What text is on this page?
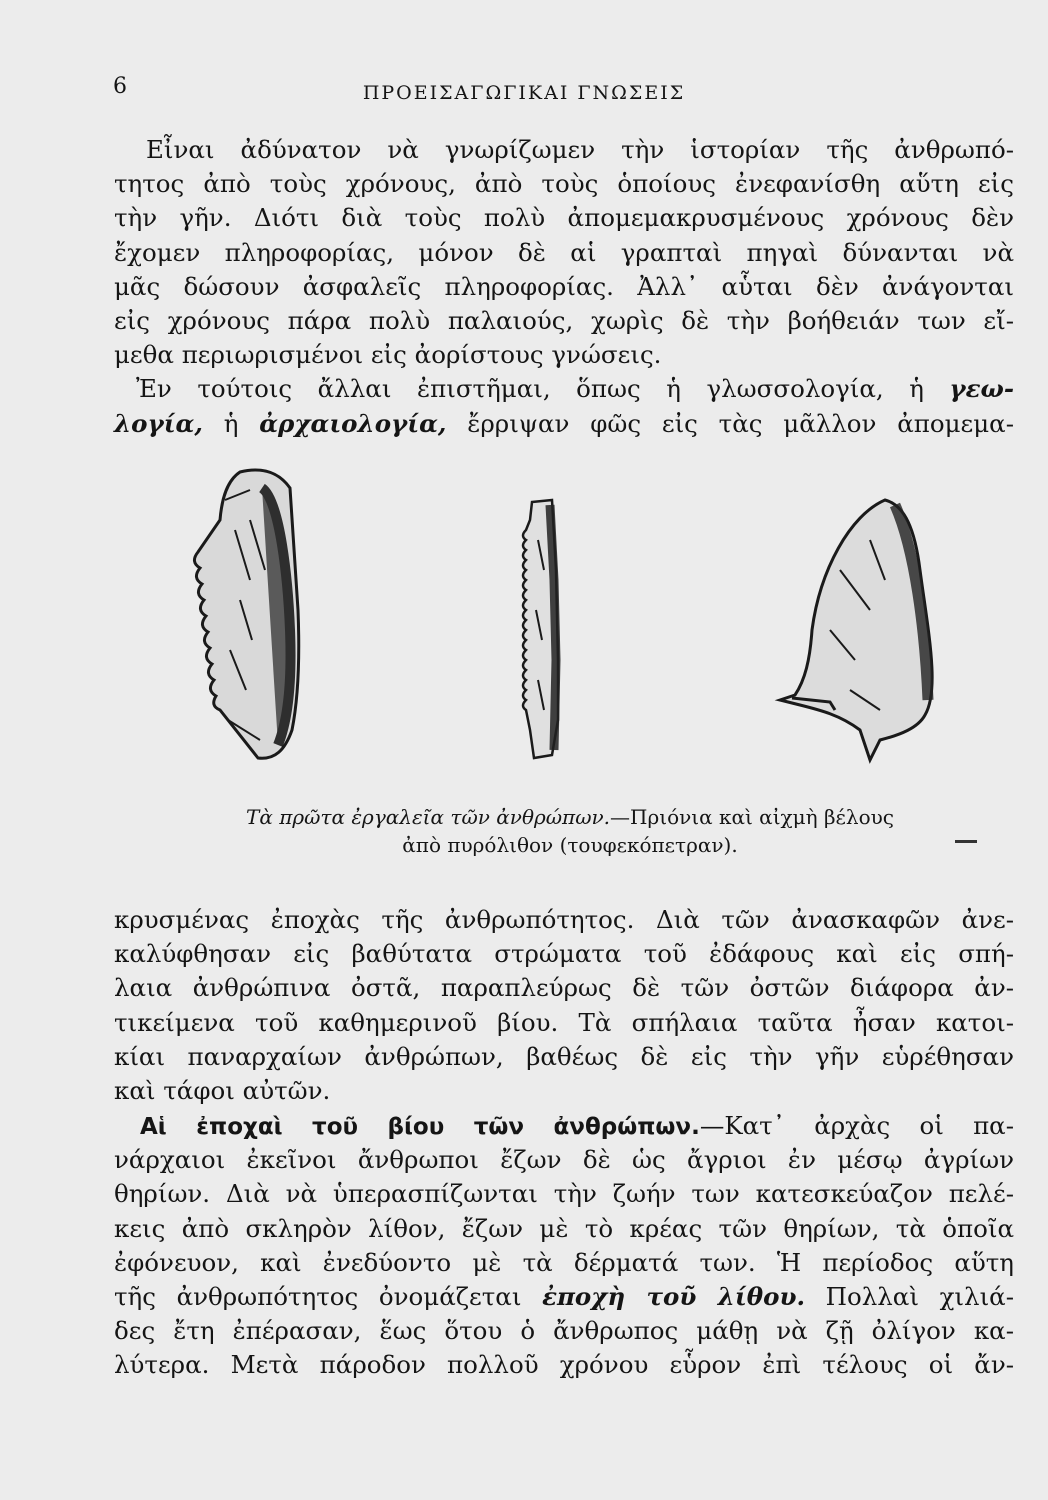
6	ΠΡΟΕΙΣΑΓΩΓΙΚΑΙ ΓΝΩΣΕΙΣ
Εἶναι ἀδύνατον νὰ γνωρίζωμεν τὴν ἱστορίαν τῆς ἀνθρωπό-
τητος ἀπὸ τοὺς χρόνους, ἀπὸ τοὺς ὁποίους ἐνεφανίσθη αὕτη εἰς
τὴν γῆν. Διότι διὰ τοὺς πολὺ ἀπομεμακρυσμένους χρόνους δὲν
ἔχομεν πληροφορίας, μόνον δὲ αἱ γραπταὶ πηγαὶ δύνανται νὰ
μᾶς δώσουν ἀσφαλεῖς πληροφορίας. Ἀλλ᾽ αὗται δὲν ἀνάγονται
εἰς χρόνους πάρα πολὺ παλαιούς, χωρὶς δὲ τὴν βοήθειάν των εἴ-
μεθα περιωρισμένοι εἰς ἀορίστους γνώσεις.
Ἐν τούτοις ἄλλαι ἐπιστῆμαι, ὅπως ἡ γλωσσολογία, ἡ γεω-
λογία, ἡ ἀρχαιολογία, ἔρριψαν φῶς εἰς τὰς μᾶλλον ἀπομεμα-
Τὰ πρῶτα ἐργαλεῖα τῶν ἀνθρώπων.—Πριόνια καὶ αἰχμὴ βέλους
ἀπὸ πυρόλιθον (τουφεκόπετραν).
κρυσμένας ἐποχὰς τῆς ἀνθρωπότητος. Διὰ τῶν ἀνασκαφῶν ἀνε-
καλύφθησαν εἰς βαθύτατα στρώματα τοῦ ἐδάφους καὶ εἰς σπή-
λαια ἀνθρώπινα ὀστᾶ, παραπλεύρως δὲ τῶν ὀστῶν διάφορα ἀν-
τικείμενα τοῦ καθημερινοῦ βίου. Τὰ σπήλαια ταῦτα ἦσαν κατοι-
κίαι παναρχαίων ἀνθρώπων, βαθέως δὲ εἰς τὴν γῆν εὑρέθησαν
καὶ τάφοι αὐτῶν.
Αἱ ἐποχαὶ τοῦ βίου τῶν ἀνθρώπων.—Κατ᾽ ἀρχὰς οἱ πα-
νάρχαιοι ἐκεῖνοι ἄνθρωποι ἔζων δὲ ὡς ἄγριοι ἐν μέσῳ ἀγρίων
θηρίων. Διὰ νὰ ὑπερασπίζωνται τὴν ζωήν των κατεσκεύαζον πελέ-
κεις ἀπὸ σκληρὸν λίθον, ἔζων μὲ τὸ κρέας τῶν θηρίων, τὰ ὁποῖα
ἐφόνευον, καὶ ἐνεδύοντο μὲ τὰ δέρματά των. Ἡ περίοδος αὕτη
τῆς ἀνθρωπότητος ὀνομάζεται ἐποχὴ τοῦ λίθου. Πολλαὶ χιλιά-
δες ἔτη ἐπέρασαν, ἕως ὅτου ὁ ἄνθρωπος μάθῃ νὰ ζῇ ὀλίγον κα-
λύτερα. Μετὰ πάροδον πολλοῦ χρόνου εὗρον ἐπὶ τέλους οἱ ἄν-
